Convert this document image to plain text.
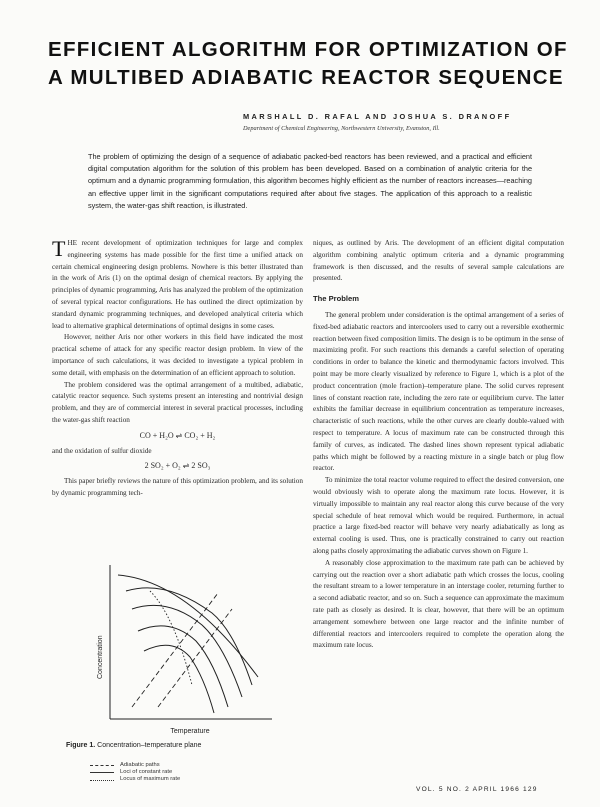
EFFICIENT ALGORITHM FOR OPTIMIZATION OF
A MULTIBED ADIABATIC REACTOR SEQUENCE
MARSHALL D. RAFAL AND JOSHUA S. DRANOFF
Department of Chemical Engineering, Northwestern University, Evanston, Ill.

The problem of optimizing the design of a sequence of adiabatic packed-bed reactors has been reviewed, and a practical and efficient digital computation algorithm for the solution of this problem has been developed. Based on a combination of analytic criteria for the optimum and a dynamic programming formulation, this algorithm becomes highly efficient as the number of reactors increases—reaching an effective upper limit in the significant computations required after about five stages. The application of this approach to a realistic system, the water-gas shift reaction, is illustrated.

THE recent development of optimization techniques for large and complex engineering systems has made possible for the first time a unified attack on certain chemical engineering design problems. Nowhere is this better illustrated than in the work of Aris (1) on the optimal design of chemical reactors. By applying the principles of dynamic programming, Aris has analyzed the problem of the optimization of several typical reactor configurations. He has outlined the direct optimization by standard dynamic programming techniques, and developed analytical criteria which lead to alternative graphical determinations of optimal designs in some cases.

However, neither Aris nor other workers in this field have indicated the most practical scheme of attack for any specific reactor design problem. In view of the importance of such calculations, it was decided to investigate a typical problem in some detail, with emphasis on the determination of an efficient approach to solution.

The problem considered was the optimal arrangement of a multibed, adiabatic, catalytic reactor sequence. Such systems present an interesting and nontrivial design problem, and they are of commercial interest in several practical processes, including the water-gas shift reaction

CO + H₂O ⇌ CO₂ + H₂

and the oxidation of sulfur dioxide

2 SO₂ + O₂ ⇌ 2 SO₃

This paper briefly reviews the nature of this optimization problem, and its solution by dynamic programming tech-

niques, as outlined by Aris. The development of an efficient digital computation algorithm combining analytic optimum criteria and a dynamic programming framework is then discussed, and the results of several sample calculations are presented.

The Problem

The general problem under consideration is the optimal arrangement of a series of fixed-bed adiabatic reactors and intercoolers used to carry out a reversible exothermic reaction between fixed composition limits. The design is to be optimum in the sense of maximizing profit. For such reactions this demands a careful selection of operating conditions in order to balance the kinetic and thermodynamic factors involved. This point may be more clearly visualized by reference to Figure 1, which is a plot of the product concentration (mole fraction)–temperature plane. The solid curves represent lines of constant reaction rate, including the zero rate or equilibrium curve. The latter exhibits the familiar decrease in equilibrium concentration as temperature increases, characteristic of such reactions, while the other curves are clearly double-valued with respect to temperature. A locus of maximum rate can be constructed through this family of curves, as indicated. The dashed lines shown represent typical adiabatic paths which might be followed by a reacting mixture in a single batch or plug flow reactor.

To minimize the total reactor volume required to effect the desired conversion, one would obviously wish to operate along the maximum rate locus. However, it is virtually impossible to maintain any real reactor along this curve because of the very special schedule of heat removal which would be required. Furthermore, in actual practice a large fixed-bed reactor will behave very nearly adiabatically as long as external cooling is used. Thus, one is practically constrained to carry out reaction along paths closely approximating the adiabatic curves shown on Figure 1.

A reasonably close approximation to the maximum rate path can be achieved by carrying out the reaction over a short adiabatic path which crosses the locus, cooling the resultant stream to a lower temperature in an interstage cooler, returning further to a second adiabatic reactor, and so on. Such a sequence can approximate the maximum rate path as closely as desired. It is clear, however, that there will be an optimum arrangement somewhere between one large reactor and the infinite number of differential reactors and intercoolers required to complete the operation along the maximum rate locus.

Concentration
Temperature
Figure 1. Concentration–temperature plane
Adiabatic paths
Loci of constant rate
Locus of maximum rate
VOL. 5 NO. 2 APRIL 1966 129
